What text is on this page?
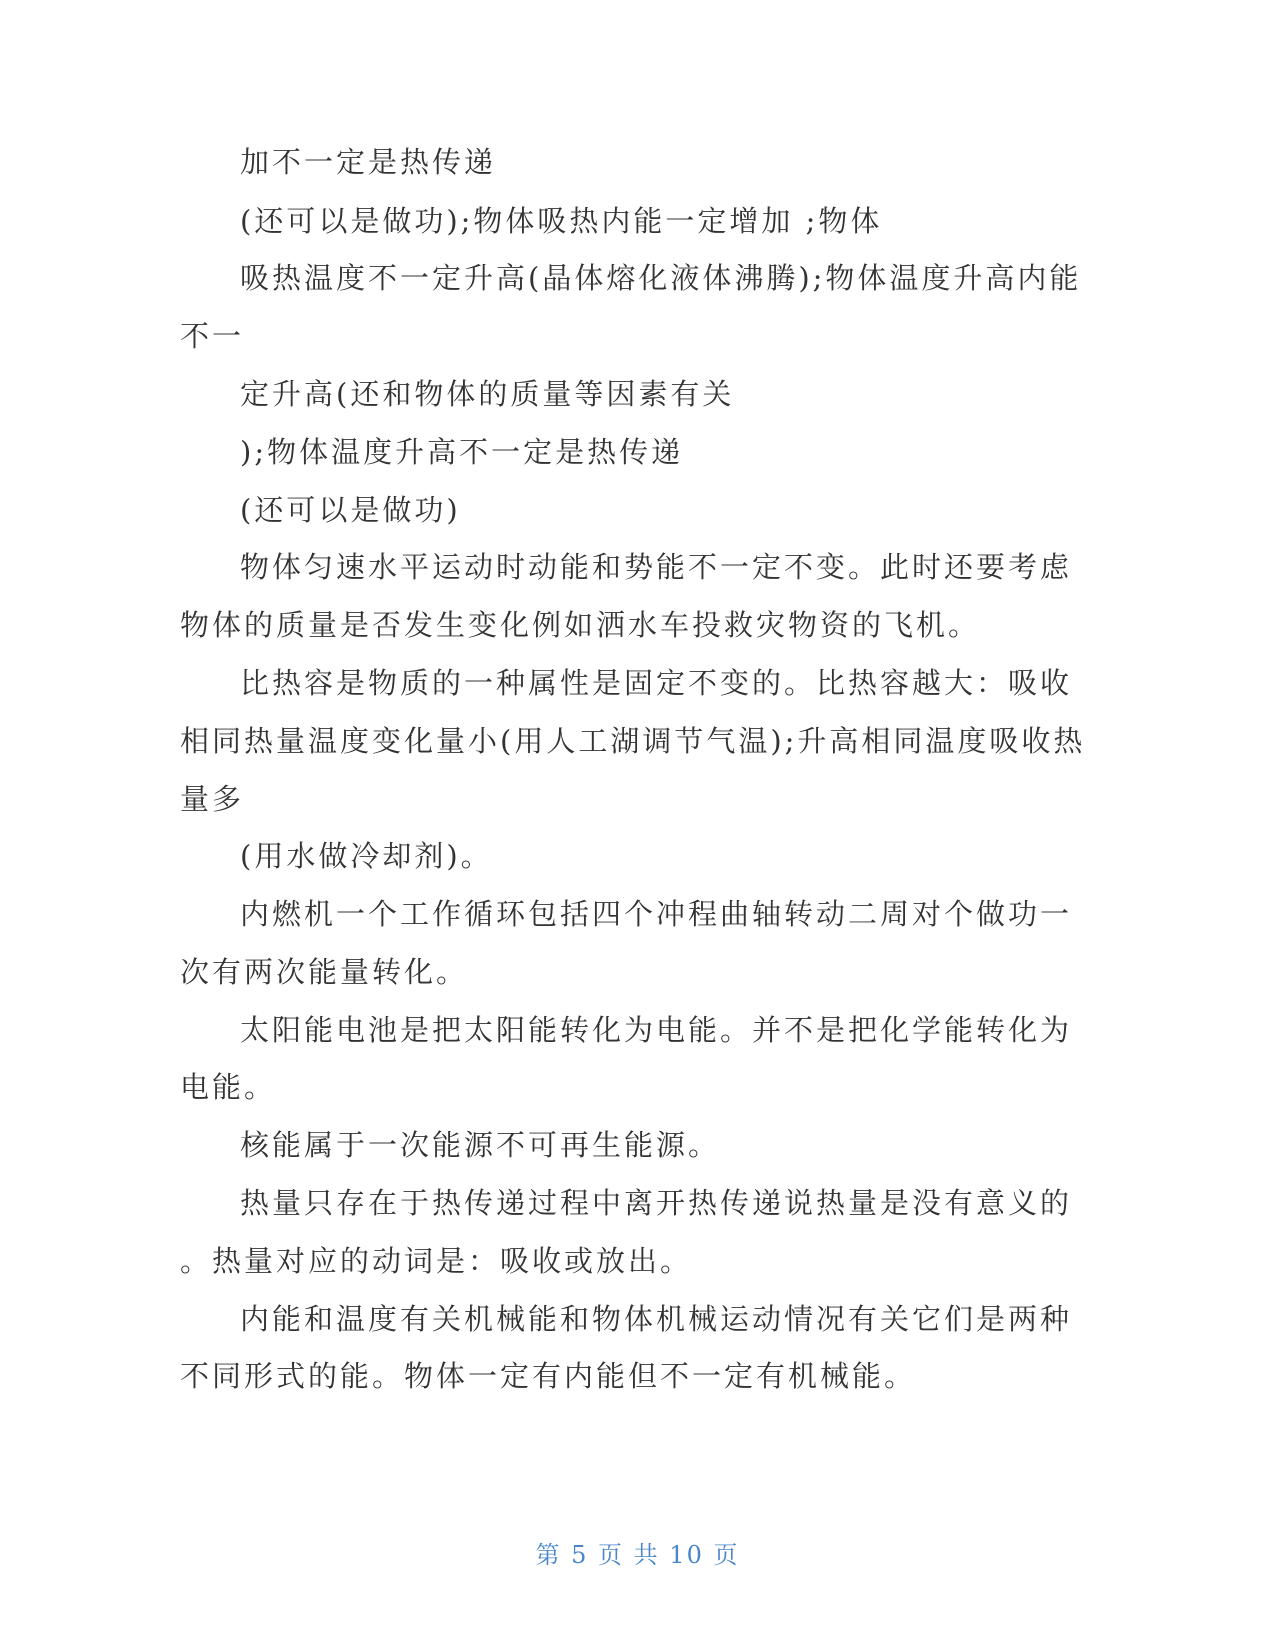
加不一定是热传递
(还可以是做功);物体吸热内能一定增加 ;物体
吸热温度不一定升高(晶体熔化液体沸腾);物体温度升高内能
不一
定升高(还和物体的质量等因素有关
);物体温度升高不一定是热传递
(还可以是做功)
物体匀速水平运动时动能和势能不一定不变。此时还要考虑
物体的质量是否发生变化例如洒水车投救灾物资的飞机。
比热容是物质的一种属性是固定不变的。比热容越大：吸收
相同热量温度变化量小(用人工湖调节气温);升高相同温度吸收热
量多
(用水做冷却剂)。
内燃机一个工作循环包括四个冲程曲轴转动二周对个做功一
次有两次能量转化。
太阳能电池是把太阳能转化为电能。并不是把化学能转化为
电能。
核能属于一次能源不可再生能源。
热量只存在于热传递过程中离开热传递说热量是没有意义的
。热量对应的动词是：吸收或放出。
内能和温度有关机械能和物体机械运动情况有关它们是两种
不同形式的能。物体一定有内能但不一定有机械能。
第 5 页 共 10 页
